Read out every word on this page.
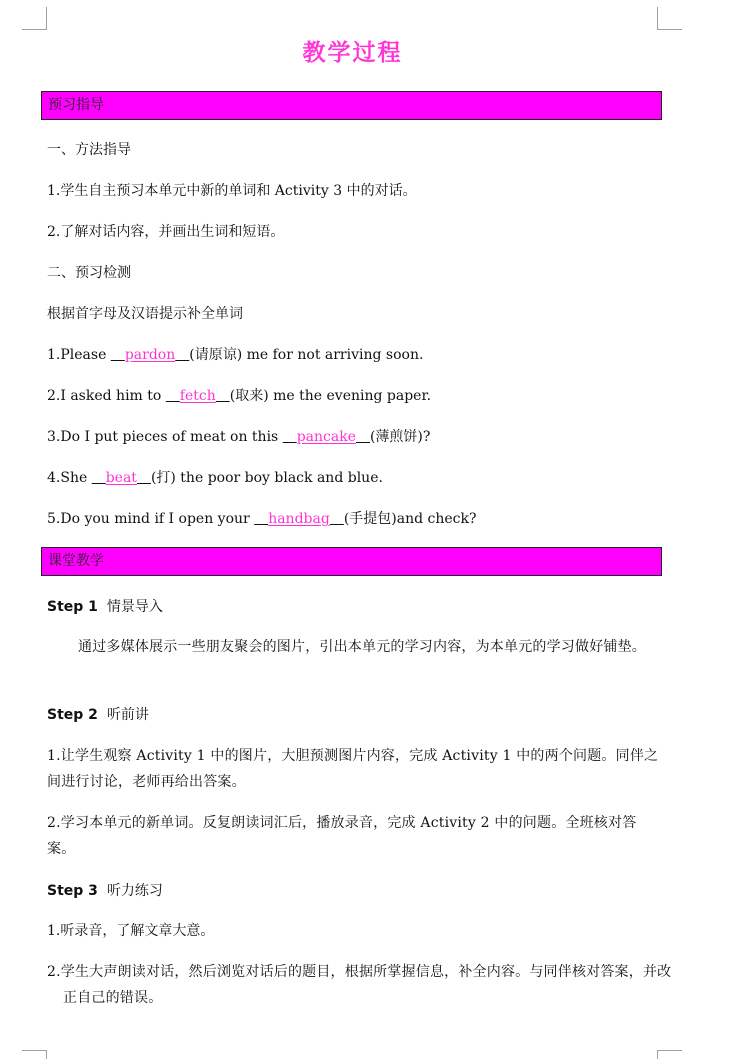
教学过程
预习指导
一、方法指导
1.学生自主预习本单元中新的单词和 Activity 3 中的对话。
2.了解对话内容，并画出生词和短语。
二、预习检测
根据首字母及汉语提示补全单词
1.Please   pardon   (请原谅) me for not arriving soon.
2.I asked him to   fetch   (取来) me the evening paper.
3.Do I put pieces of meat on this   pancake   (薄煎饼)?
4.She   beat   (打) the poor boy black and blue.
5.Do you mind if I open your   handbag   (手提包)and check?
课堂教学
Step 1 情景导入
通过多媒体展示一些朋友聚会的图片，引出本单元的学习内容，为本单元的学习做好铺垫。
Step 2 听前讲
1.让学生观察 Activity 1 中的图片，大胆预测图片内容，完成 Activity 1 中的两个问题。同伴之间进行讨论，老师再给出答案。
2.学习本单元的新单词。反复朗读词汇后，播放录音，完成 Activity 2 中的问题。全班核对答案。
Step 3 听力练习
1.听录音，了解文章大意。
2.学生大声朗读对话，然后浏览对话后的题目，根据所掌握信息，补全内容。与同伴核对答案，并改正自己的错误。
